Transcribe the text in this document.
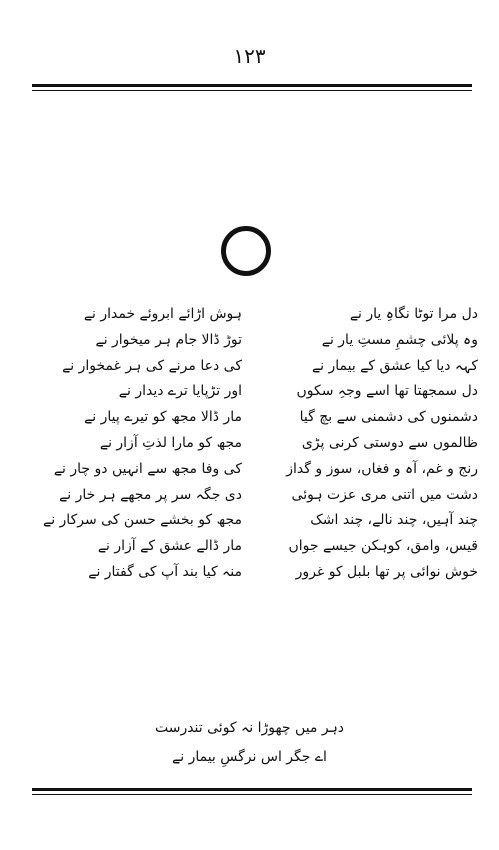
۱۲۳
دل مرا توٹا نگاہِ یار نے
وہ پلائی چشمِ مستِ یار نے
کہہ دیا کیا عشق کے بیمار نے
دل سمجھتا تھا اسے وجہِ سکوں
دشمنوں کی دشمنی سے بچ گیا
ظالموں سے دوستی کرنی پڑی
رنج و غم، آہ و فغاں، سوز و گداز
دشت میں اتنی مری عزت ہوئی
چند آہیں، چند نالے، چند اشک
قیس، وامق، کوہکن جیسے جواں
خوش نوائی پر تھا بلبل کو غرور
ہوش اڑائے ابروئے خمدار نے
توڑ ڈالا جام ہر میخوار نے
کی دعا مرنے کی ہر غمخوار نے
اور تڑپایا ترے دیدار نے
مار ڈالا مجھ کو تیرے پیار نے
مجھ کو مارا لذتِ آزار نے
کی وفا مجھ سے انہیں دو چار نے
دی جگہ سر پر مجھے ہر خار نے
مجھ کو بخشے حسن کی سرکار نے
مار ڈالے عشق کے آزار نے
منہ کیا بند آپ کی گفتار نے
دہر میں چھوڑا نہ کوئی تندرست
اے جگر اس نرگسِ بیمار نے
